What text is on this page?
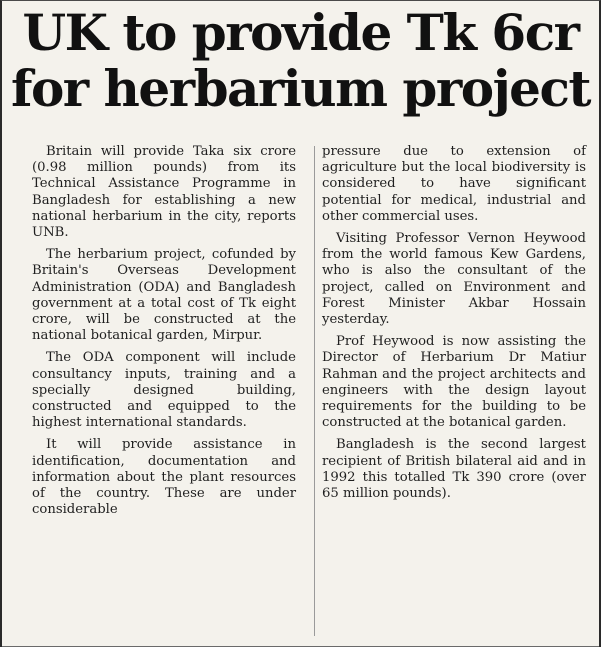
UK to provide Tk 6cr
for herbarium project

Britain will provide Taka six crore (0.98 million pounds) from its Technical Assistance Programme in Bangladesh for establishing a new national herbarium in the city, reports UNB.

The herbarium project, cofunded by Britain's Overseas Development Administration (ODA) and Bangladesh government at a total cost of Tk eight crore, will be constructed at the national botanical garden, Mirpur.

The ODA component will include consultancy inputs, training and a specially designed building, constructed and equipped to the highest international standards.

It will provide assistance in identification, documentation and information about the plant resources of the country. These are under considerable

pressure due to extension of agriculture but the local biodiversity is considered to have significant potential for medical, industrial and other commercial uses.

Visiting Professor Vernon Heywood from the world famous Kew Gardens, who is also the consultant of the project, called on Environment and Forest Minister Akbar Hossain yesterday.

Prof Heywood is now assisting the Director of Herbarium Dr Matiur Rahman and the project architects and engineers with the design layout requirements for the building to be constructed at the botanical garden.

Bangladesh is the second largest recipient of British bilateral aid and in 1992 this totalled Tk 390 crore (over 65 million pounds).
